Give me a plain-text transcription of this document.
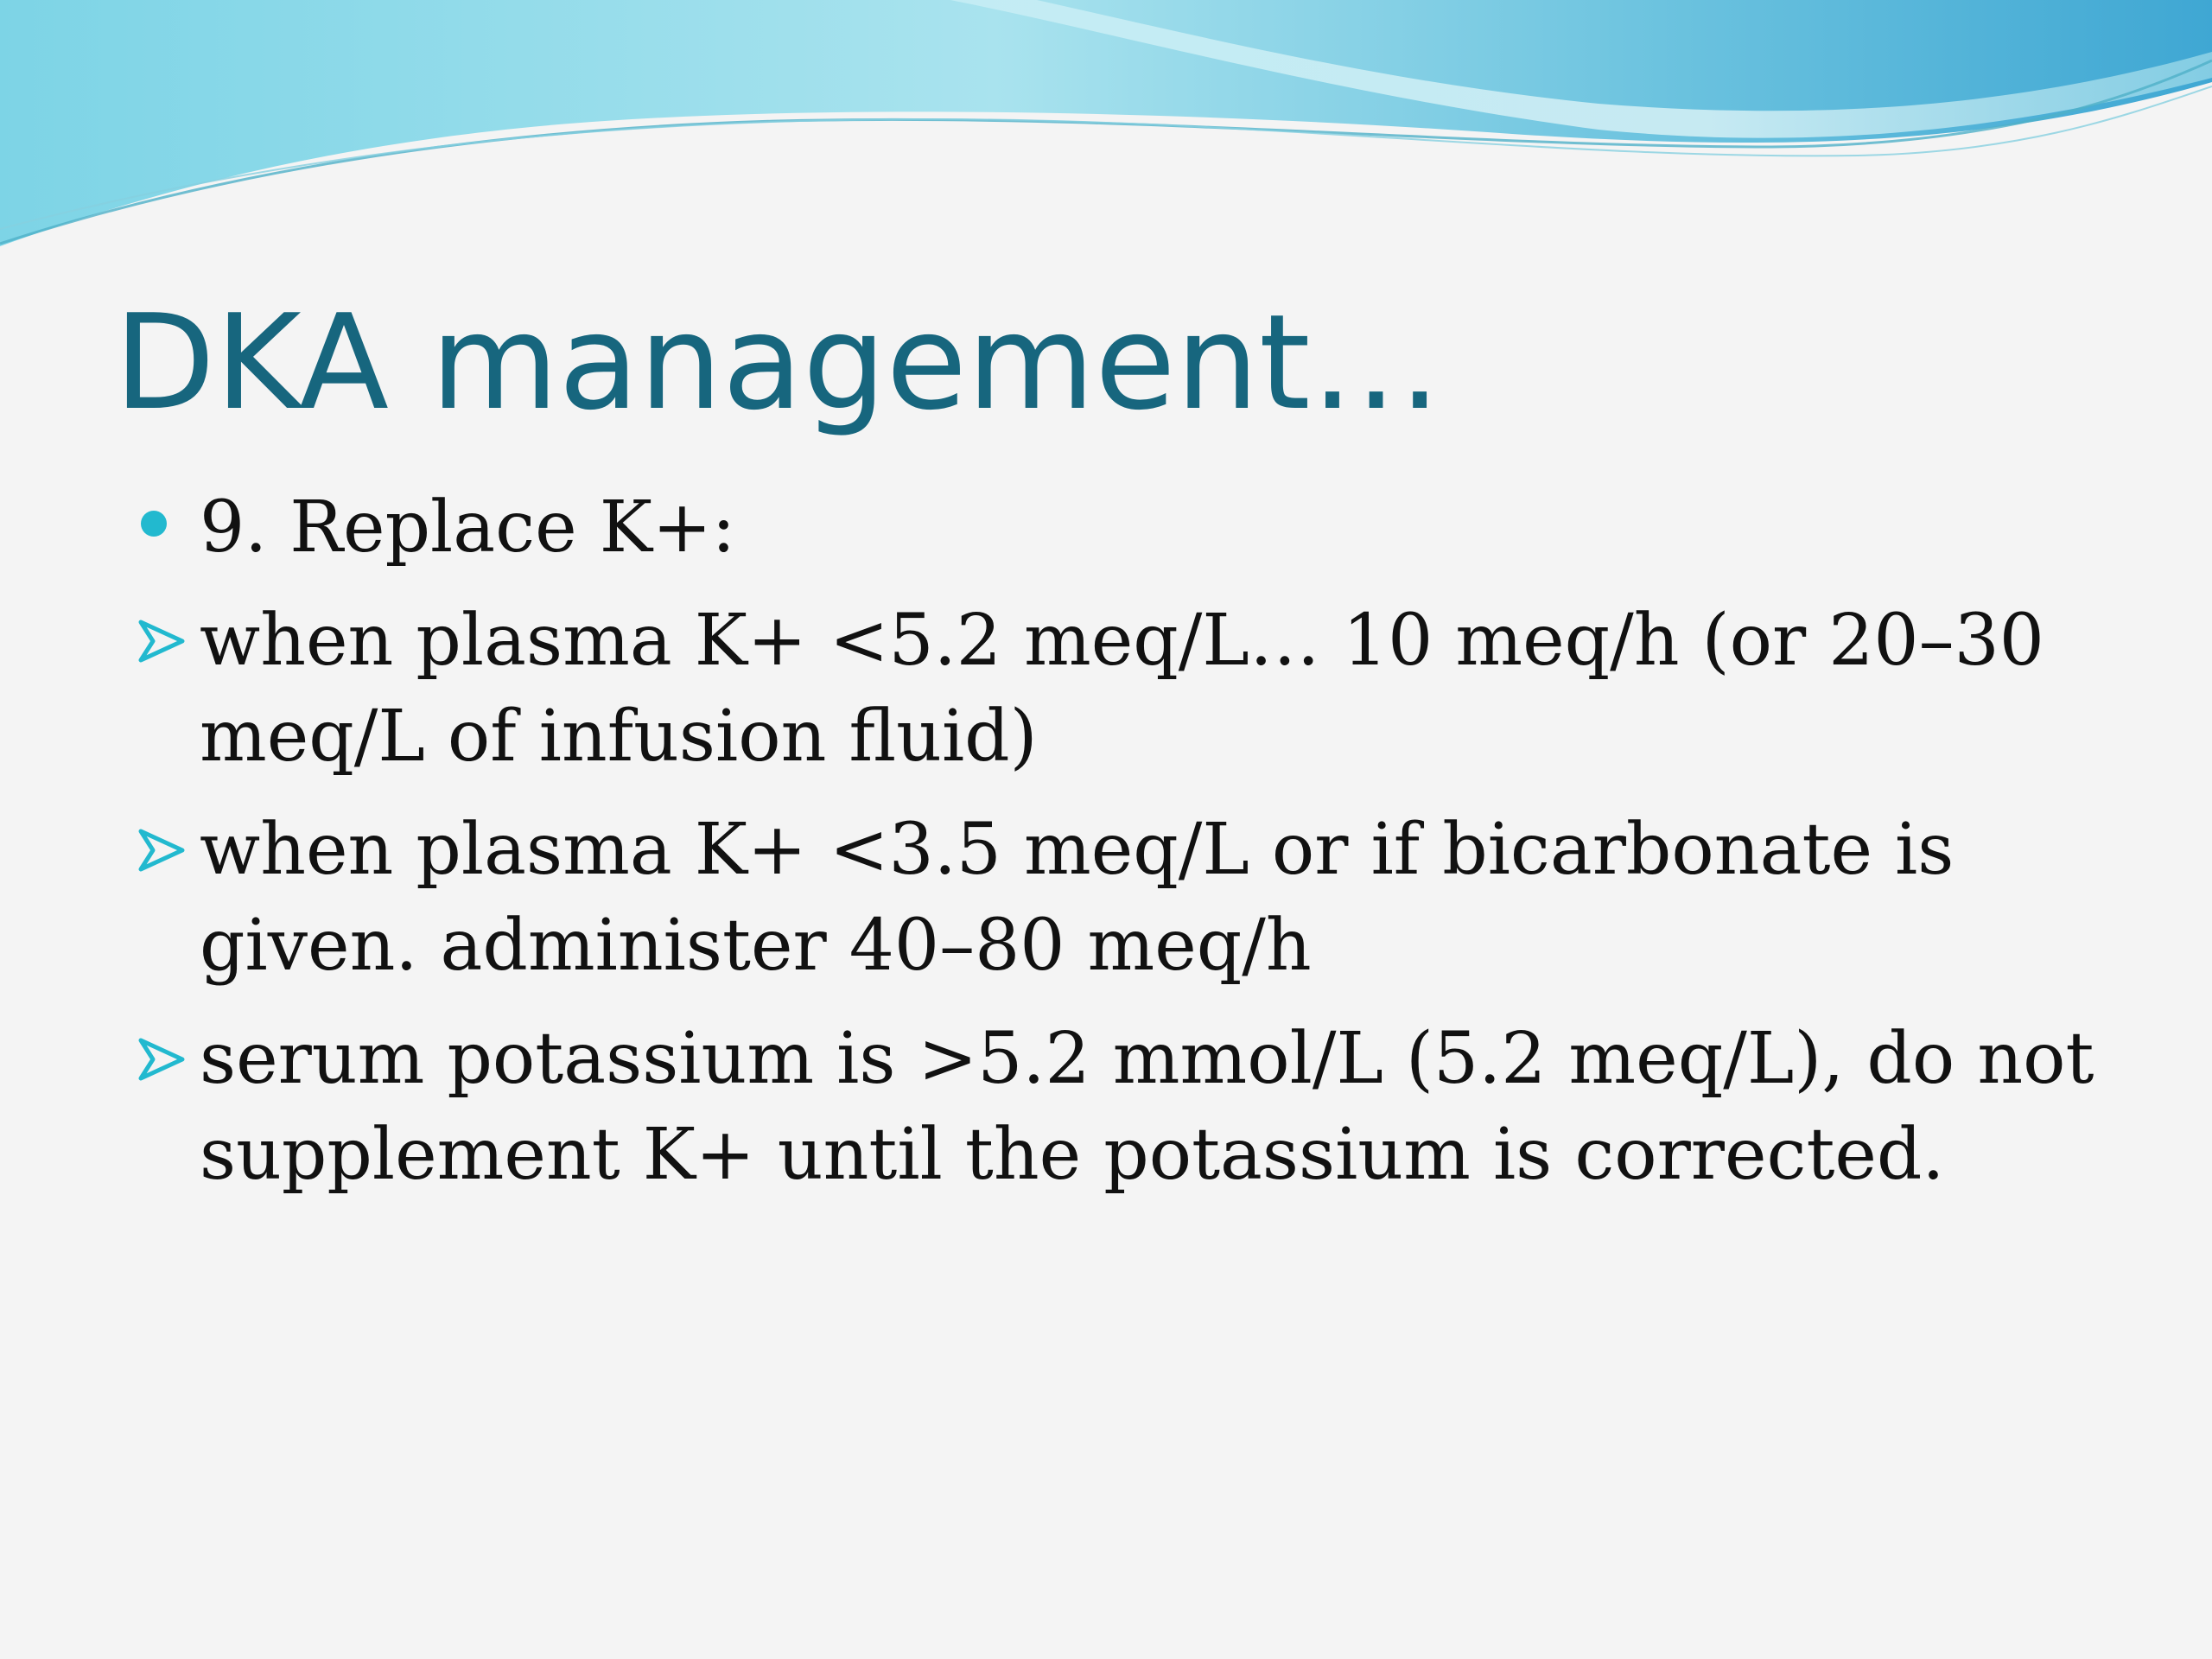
DKA management…
9. Replace K+:
when plasma K+ <5.2 meq/L… 10 meq/h (or 20–30 meq/L of infusion fluid)
when plasma K+ <3.5 meq/L or if bicarbonate is given. administer 40–80 meq/h
serum potassium is >5.2 mmol/L (5.2 meq/L), do not supplement K+ until the potassium is corrected.
